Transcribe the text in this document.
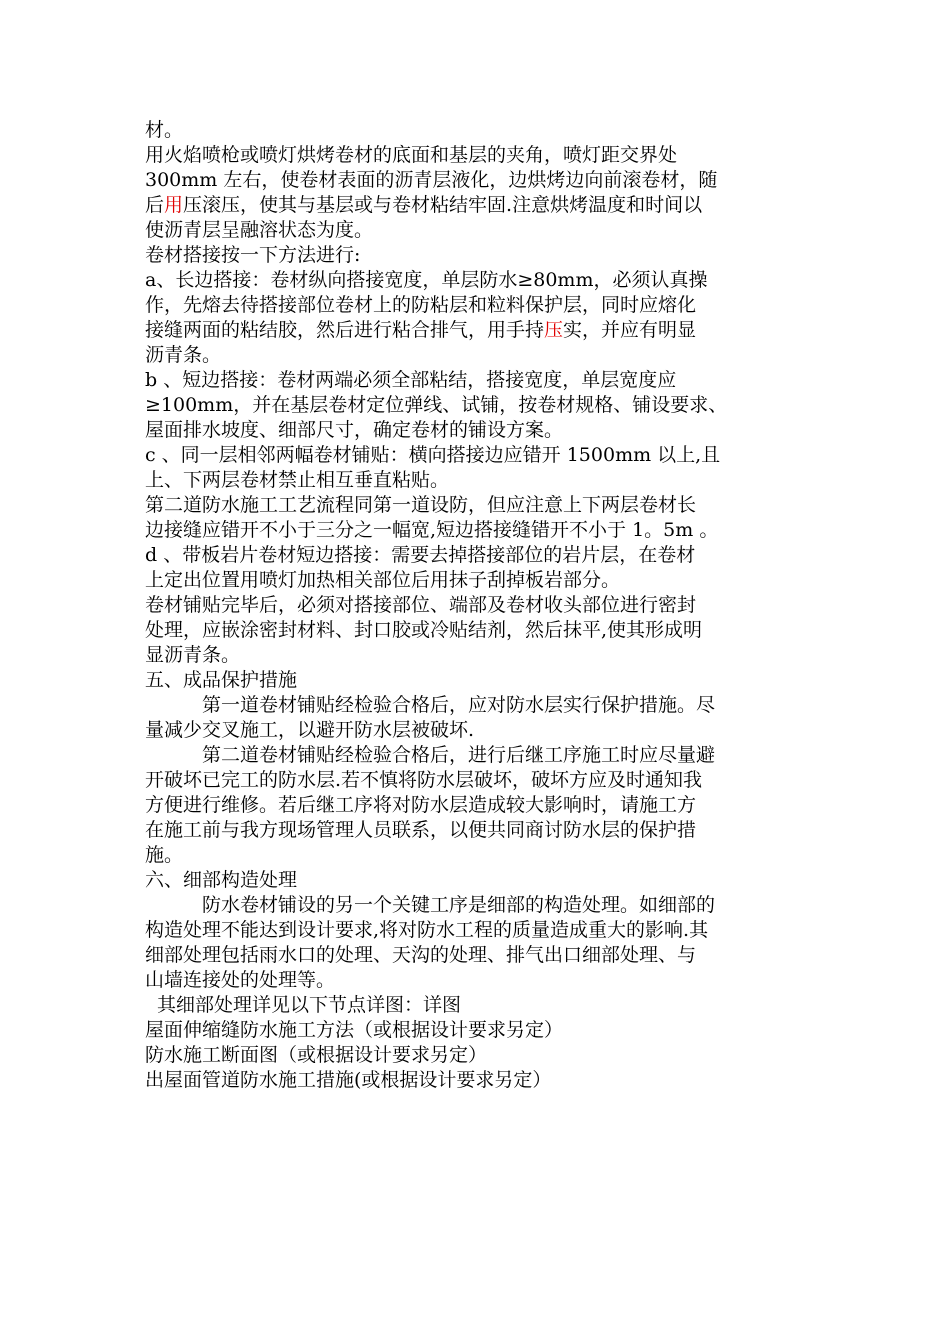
材。
用火焰喷枪或喷灯烘烤卷材的底面和基层的夹角，喷灯距交界处
300mm 左右，使卷材表面的沥青层液化，边烘烤边向前滚卷材，随
后用压滚压，使其与基层或与卷材粘结牢固.注意烘烤温度和时间以
使沥青层呈融溶状态为度。
卷材搭接按一下方法进行:
a、长边搭接：卷材纵向搭接宽度，单层防水≥80mm，必须认真操
作，先熔去待搭接部位卷材上的防粘层和粒料保护层，同时应熔化
接缝两面的粘结胶，然后进行粘合排气，用手持压实，并应有明显
沥青条。
b 、短边搭接：卷材两端必须全部粘结，搭接宽度，单层宽度应
≥100mm，并在基层卷材定位弹线、试铺，按卷材规格、铺设要求、
屋面排水坡度、细部尺寸，确定卷材的铺设方案。
c 、同一层相邻两幅卷材铺贴：横向搭接边应错开 1500mm 以上,且
上、下两层卷材禁止相互垂直粘贴。
第二道防水施工工艺流程同第一道设防，但应注意上下两层卷材长
边接缝应错开不小于三分之一幅宽,短边搭接缝错开不小于 1。5m 。
d 、带板岩片卷材短边搭接：需要去掉搭接部位的岩片层，在卷材
上定出位置用喷灯加热相关部位后用抹子刮掉板岩部分。
卷材铺贴完毕后，必须对搭接部位、端部及卷材收头部位进行密封
处理，应嵌涂密封材料、封口胶或冷贴结剂，然后抹平,使其形成明
显沥青条。
五、成品保护措施
第一道卷材铺贴经检验合格后，应对防水层实行保护措施。尽
量减少交叉施工，以避开防水层被破坏.
第二道卷材铺贴经检验合格后，进行后继工序施工时应尽量避
开破坏已完工的防水层.若不慎将防水层破坏，破坏方应及时通知我
方便进行维修。若后继工序将对防水层造成较大影响时，请施工方
在施工前与我方现场管理人员联系，以便共同商讨防水层的保护措
施。
六、细部构造处理
防水卷材铺设的另一个关键工序是细部的构造处理。如细部的
构造处理不能达到设计要求,将对防水工程的质量造成重大的影响.其
细部处理包括雨水口的处理、天沟的处理、排气出口细部处理、与
山墙连接处的处理等。
其细部处理详见以下节点详图：详图
屋面伸缩缝防水施工方法（或根据设计要求另定）
防水施工断面图（或根据设计要求另定）
出屋面管道防水施工措施(或根据设计要求另定）
